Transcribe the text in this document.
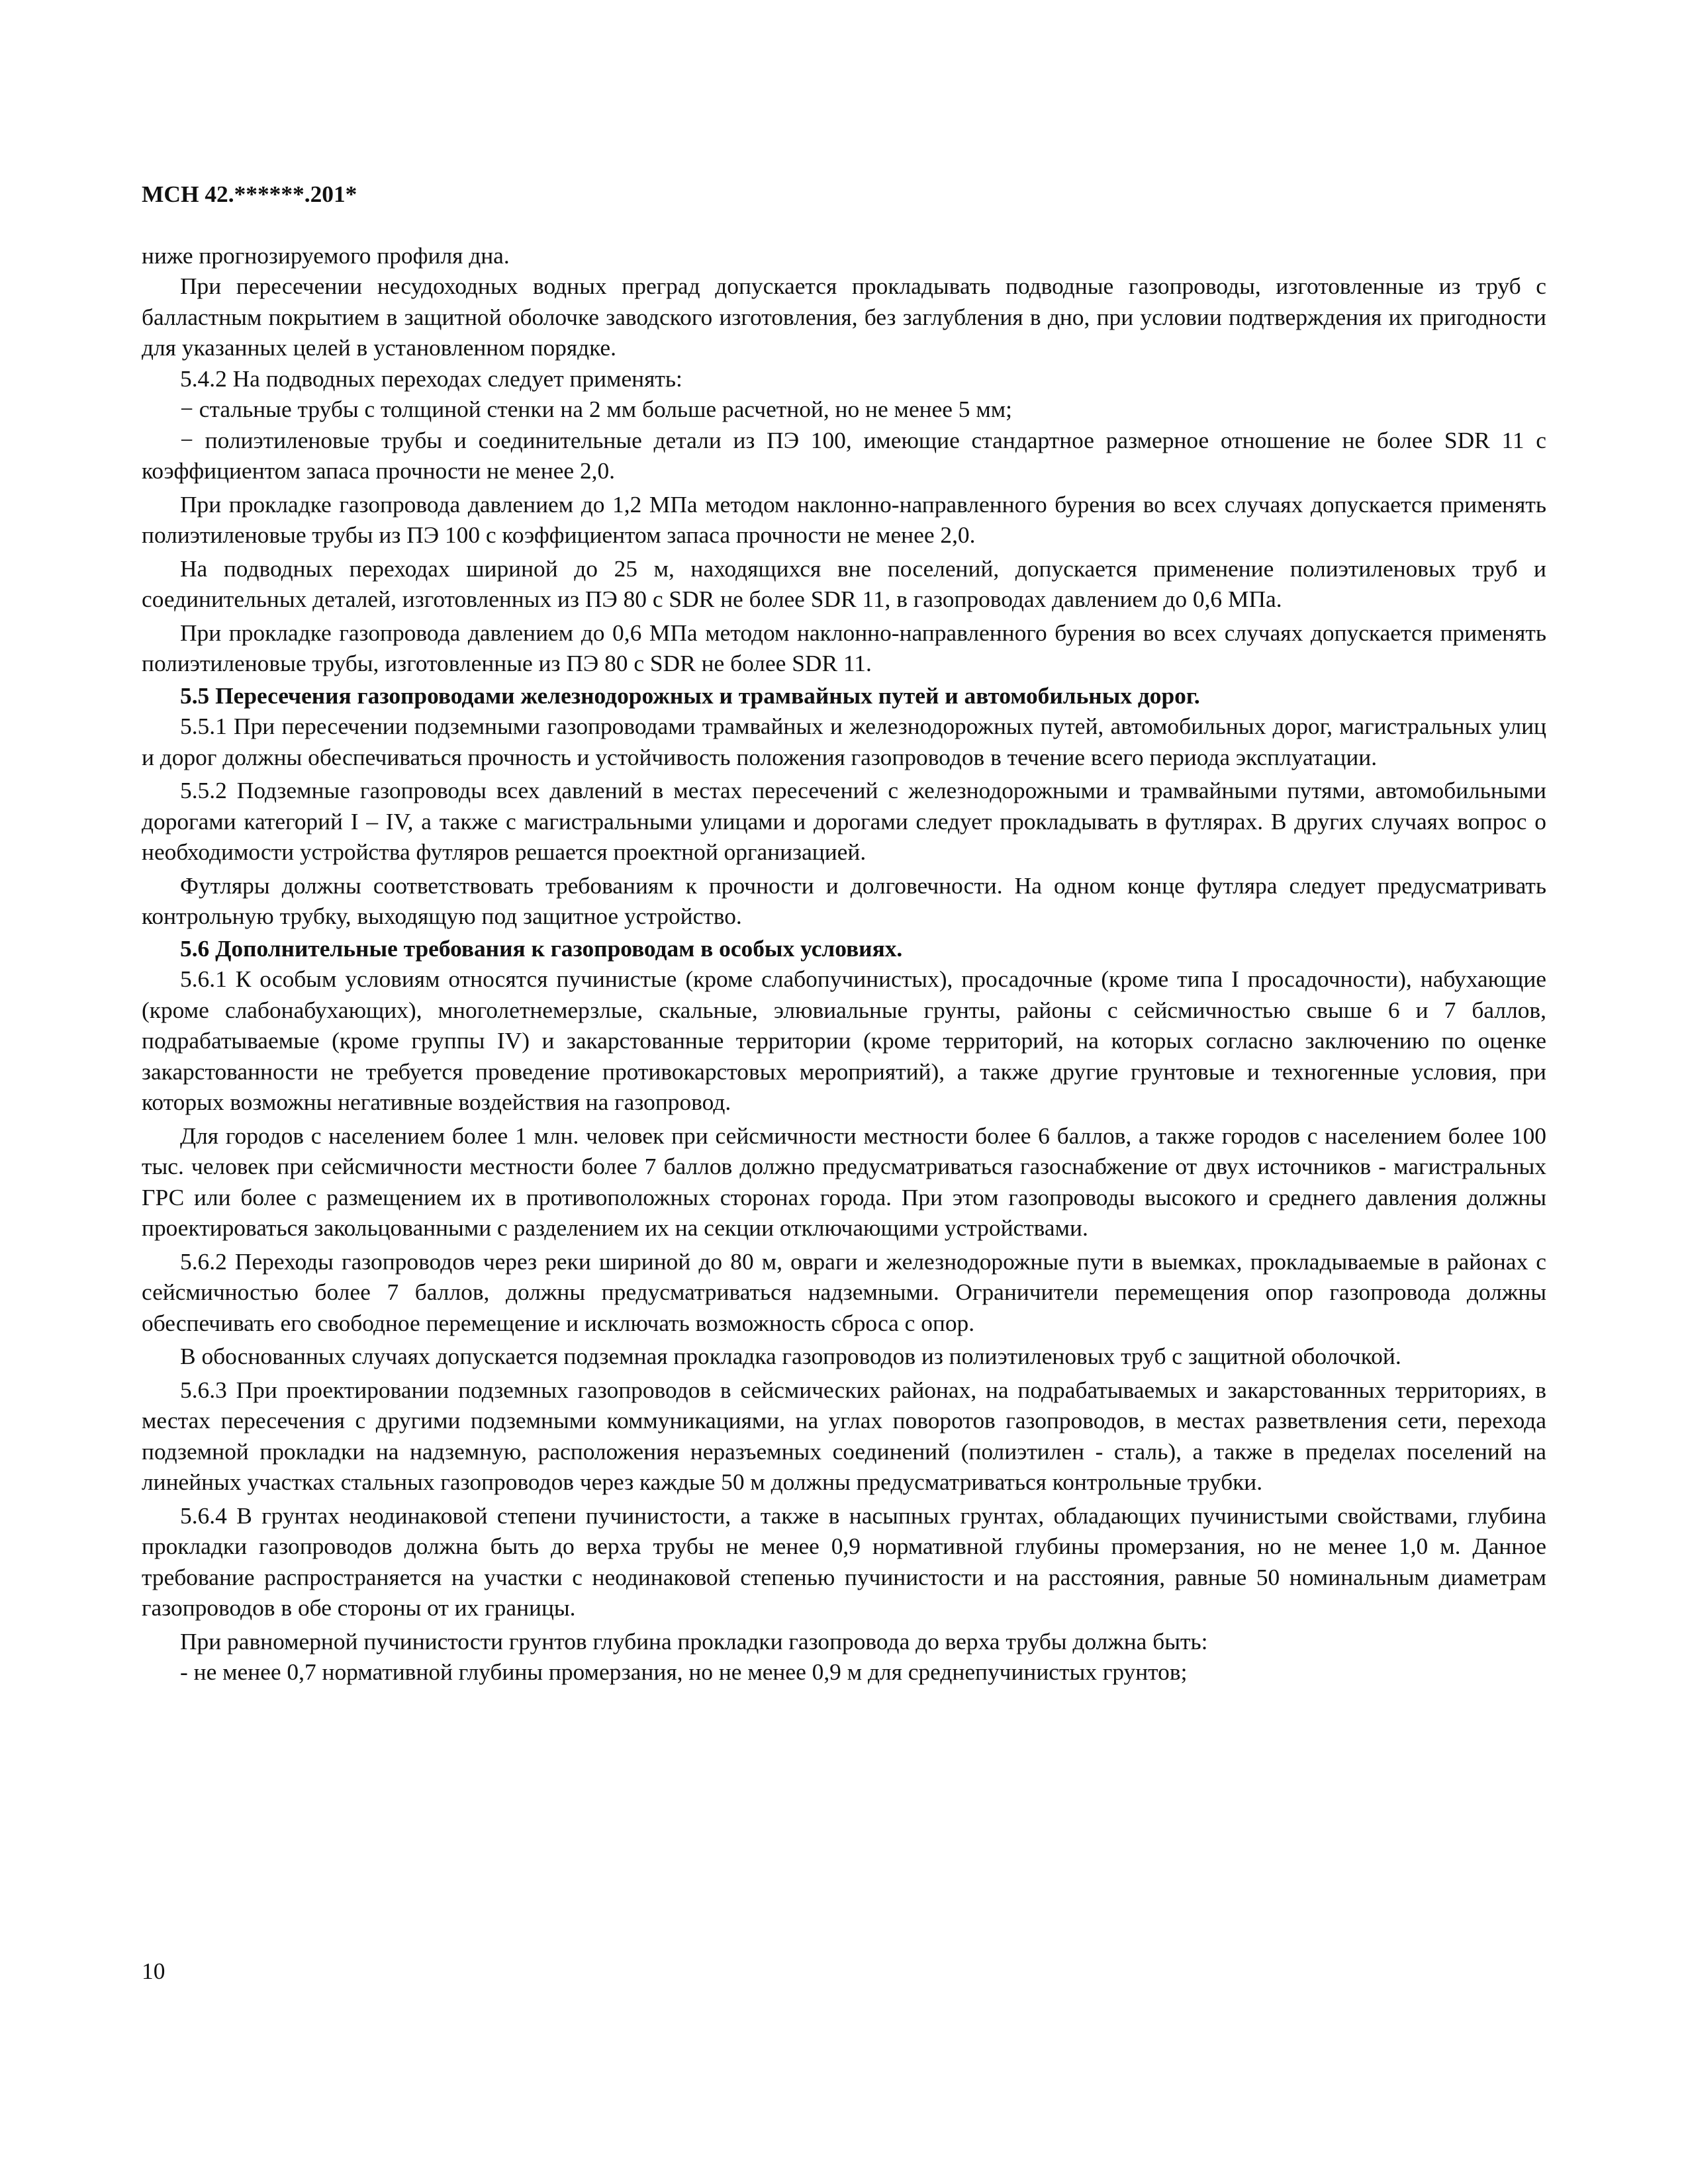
МСН 42.******.201*
ниже прогнозируемого профиля дна.
При пересечении несудоходных водных преград допускается прокладывать подводные газопроводы, изготовленные из труб с балластным покрытием в защитной оболочке заводского изготовления, без заглубления в дно, при условии подтверждения их пригодности для указанных целей в установленном порядке.
5.4.2 На подводных переходах следует применять:
− стальные трубы с толщиной стенки на 2 мм больше расчетной, но не менее 5 мм;
− полиэтиленовые трубы и соединительные детали из ПЭ 100, имеющие стандартное размерное отношение не более SDR 11 с коэффициентом запаса прочности не менее 2,0.
При прокладке газопровода давлением до 1,2 МПа методом наклонно-направленного бурения во всех случаях допускается применять полиэтиленовые трубы из ПЭ 100 с коэффициентом запаса прочности не менее 2,0.
На подводных переходах шириной до 25 м, находящихся вне поселений, допускается применение полиэтиленовых труб и соединительных деталей, изготовленных из ПЭ 80 с SDR не более SDR 11, в газопроводах давлением до 0,6 МПа.
При прокладке газопровода давлением до 0,6 МПа методом наклонно-направленного бурения во всех случаях допускается применять полиэтиленовые трубы, изготовленные из ПЭ 80 с SDR не более SDR 11.
5.5 Пересечения газопроводами железнодорожных и трамвайных путей и автомобильных дорог.
5.5.1 При пересечении подземными газопроводами трамвайных и железнодорожных путей, автомобильных дорог, магистральных улиц и дорог должны обеспечиваться прочность и устойчивость положения газопроводов в течение всего периода эксплуатации.
5.5.2 Подземные газопроводы всех давлений в местах пересечений с железнодорожными и трамвайными путями, автомобильными дорогами категорий I – IV, а также с магистральными улицами и дорогами следует прокладывать в футлярах. В других случаях вопрос о необходимости устройства футляров решается проектной организацией.
Футляры должны соответствовать требованиям к прочности и долговечности. На одном конце футляра следует предусматривать контрольную трубку, выходящую под защитное устройство.
5.6 Дополнительные требования к газопроводам в особых условиях.
5.6.1 К особым условиям относятся пучинистые (кроме слабопучинистых), просадочные (кроме типа I просадочности), набухающие (кроме слабонабухающих), многолетнемерзлые, скальные, элювиальные грунты, районы с сейсмичностью свыше 6 и 7 баллов, подрабатываемые (кроме группы IV) и закарстованные территории (кроме территорий, на которых согласно заключению по оценке закарстованности не требуется проведение противокарстовых мероприятий), а также другие грунтовые и техногенные условия, при которых возможны негативные воздействия на газопровод.
Для городов с населением более 1 млн. человек при сейсмичности местности более 6 баллов, а также городов с населением более 100 тыс. человек при сейсмичности местности более 7 баллов должно предусматриваться газоснабжение от двух источников - магистральных ГРС или более с размещением их в противоположных сторонах города. При этом газопроводы высокого и среднего давления должны проектироваться закольцованными с разделением их на секции отключающими устройствами.
5.6.2 Переходы газопроводов через реки шириной до 80 м, овраги и железнодорожные пути в выемках, прокладываемые в районах с сейсмичностью более 7 баллов, должны предусматриваться надземными. Ограничители перемещения опор газопровода должны обеспечивать его свободное перемещение и исключать возможность сброса с опор.
В обоснованных случаях допускается подземная прокладка газопроводов из полиэтиленовых труб с защитной оболочкой.
5.6.3 При проектировании подземных газопроводов в сейсмических районах, на подрабатываемых и закарстованных территориях, в местах пересечения с другими подземными коммуникациями, на углах поворотов газопроводов, в местах разветвления сети, перехода подземной прокладки на надземную, расположения неразъемных соединений (полиэтилен - сталь), а также в пределах поселений на линейных участках стальных газопроводов через каждые 50 м должны предусматриваться контрольные трубки.
5.6.4 В грунтах неодинаковой степени пучинистости, а также в насыпных грунтах, обладающих пучинистыми свойствами, глубина прокладки газопроводов должна быть до верха трубы не менее 0,9 нормативной глубины промерзания, но не менее 1,0 м. Данное требование распространяется на участки с неодинаковой степенью пучинистости и на расстояния, равные 50 номинальным диаметрам газопроводов в обе стороны от их границы.
При равномерной пучинистости грунтов глубина прокладки газопровода до верха трубы должна быть:
- не менее 0,7 нормативной глубины промерзания, но не менее 0,9 м для среднепучинистых грунтов;
10
